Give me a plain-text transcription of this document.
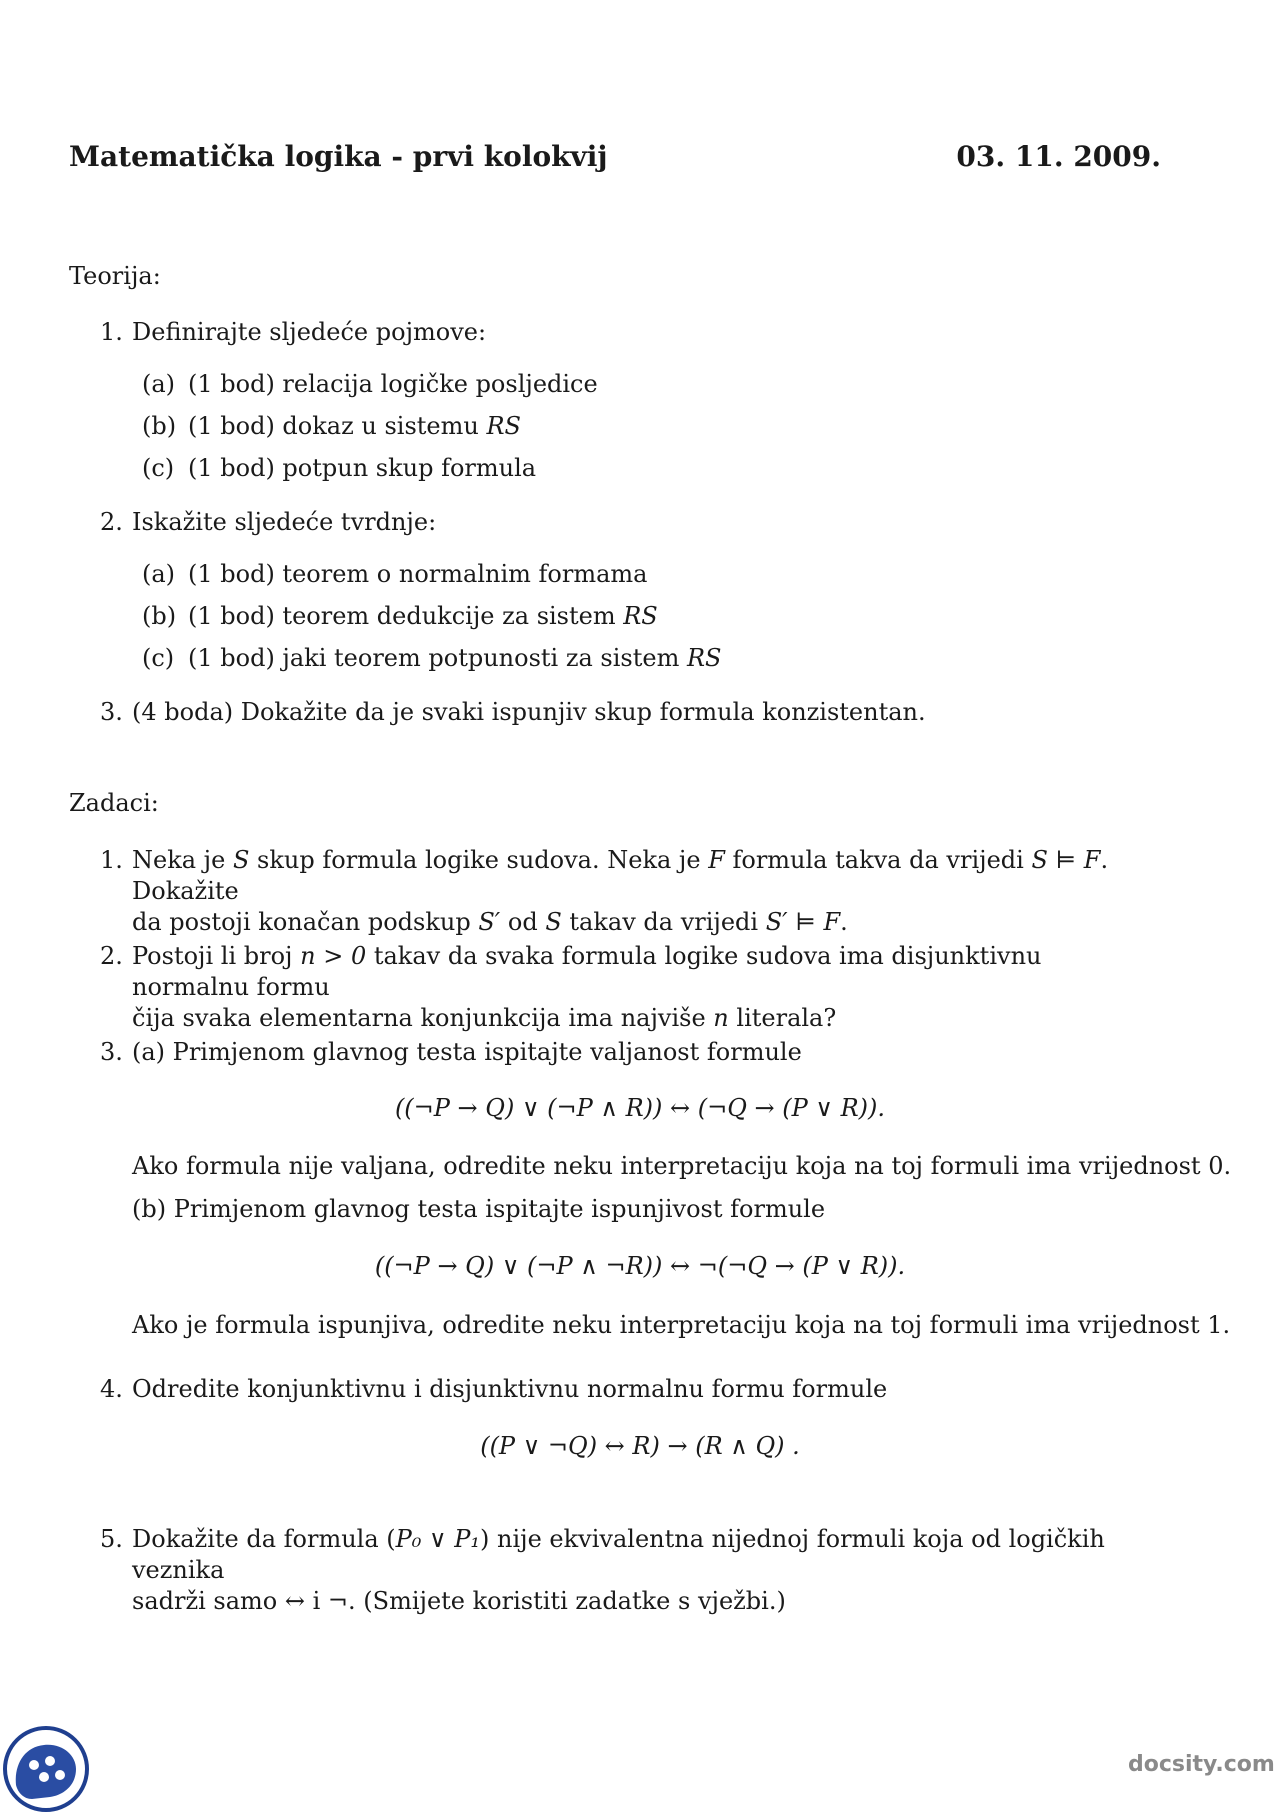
Matematička logika - prvi kolokvij	03. 11. 2009.
Teorija:
1. Definirajte sljedeće pojmove:
(a) (1 bod) relacija logičke posljedice
(b) (1 bod) dokaz u sistemu RS
(c) (1 bod) potpun skup formula
2. Iskažite sljedeće tvrdnje:
(a) (1 bod) teorem o normalnim formama
(b) (1 bod) teorem dedukcije za sistem RS
(c) (1 bod) jaki teorem potpunosti za sistem RS
3. (4 boda) Dokažite da je svaki ispunjiv skup formula konzistentan.
Zadaci:
1. Neka je S skup formula logike sudova. Neka je F formula takva da vrijedi S ⊨ F. Dokažite
da postoji konačan podskup S′ od S takav da vrijedi S′ ⊨ F.
2. Postoji li broj n > 0 takav da svaka formula logike sudova ima disjunktivnu normalnu formu
čija svaka elementarna konjunkcija ima najviše n literala?
3. (a) Primjenom glavnog testa ispitajte valjanost formule
((¬P → Q) ∨ (¬P ∧ R)) ↔ (¬Q → (P ∨ R)).
Ako formula nije valjana, odredite neku interpretaciju koja na toj formuli ima vrijednost 0.
(b) Primjenom glavnog testa ispitajte ispunjivost formule
((¬P → Q) ∨ (¬P ∧ ¬R)) ↔ ¬(¬Q → (P ∨ R)).
Ako je formula ispunjiva, odredite neku interpretaciju koja na toj formuli ima vrijednost 1.
4. Odredite konjunktivnu i disjunktivnu normalnu formu formule
((P ∨ ¬Q) ↔ R) → (R ∧ Q) .
5. Dokažite da formula (P₀ ∨ P₁) nije ekvivalentna nijednoj formuli koja od logičkih veznika
sadrži samo ↔ i ¬. (Smijete koristiti zadatke s vježbi.)
docsity.com
